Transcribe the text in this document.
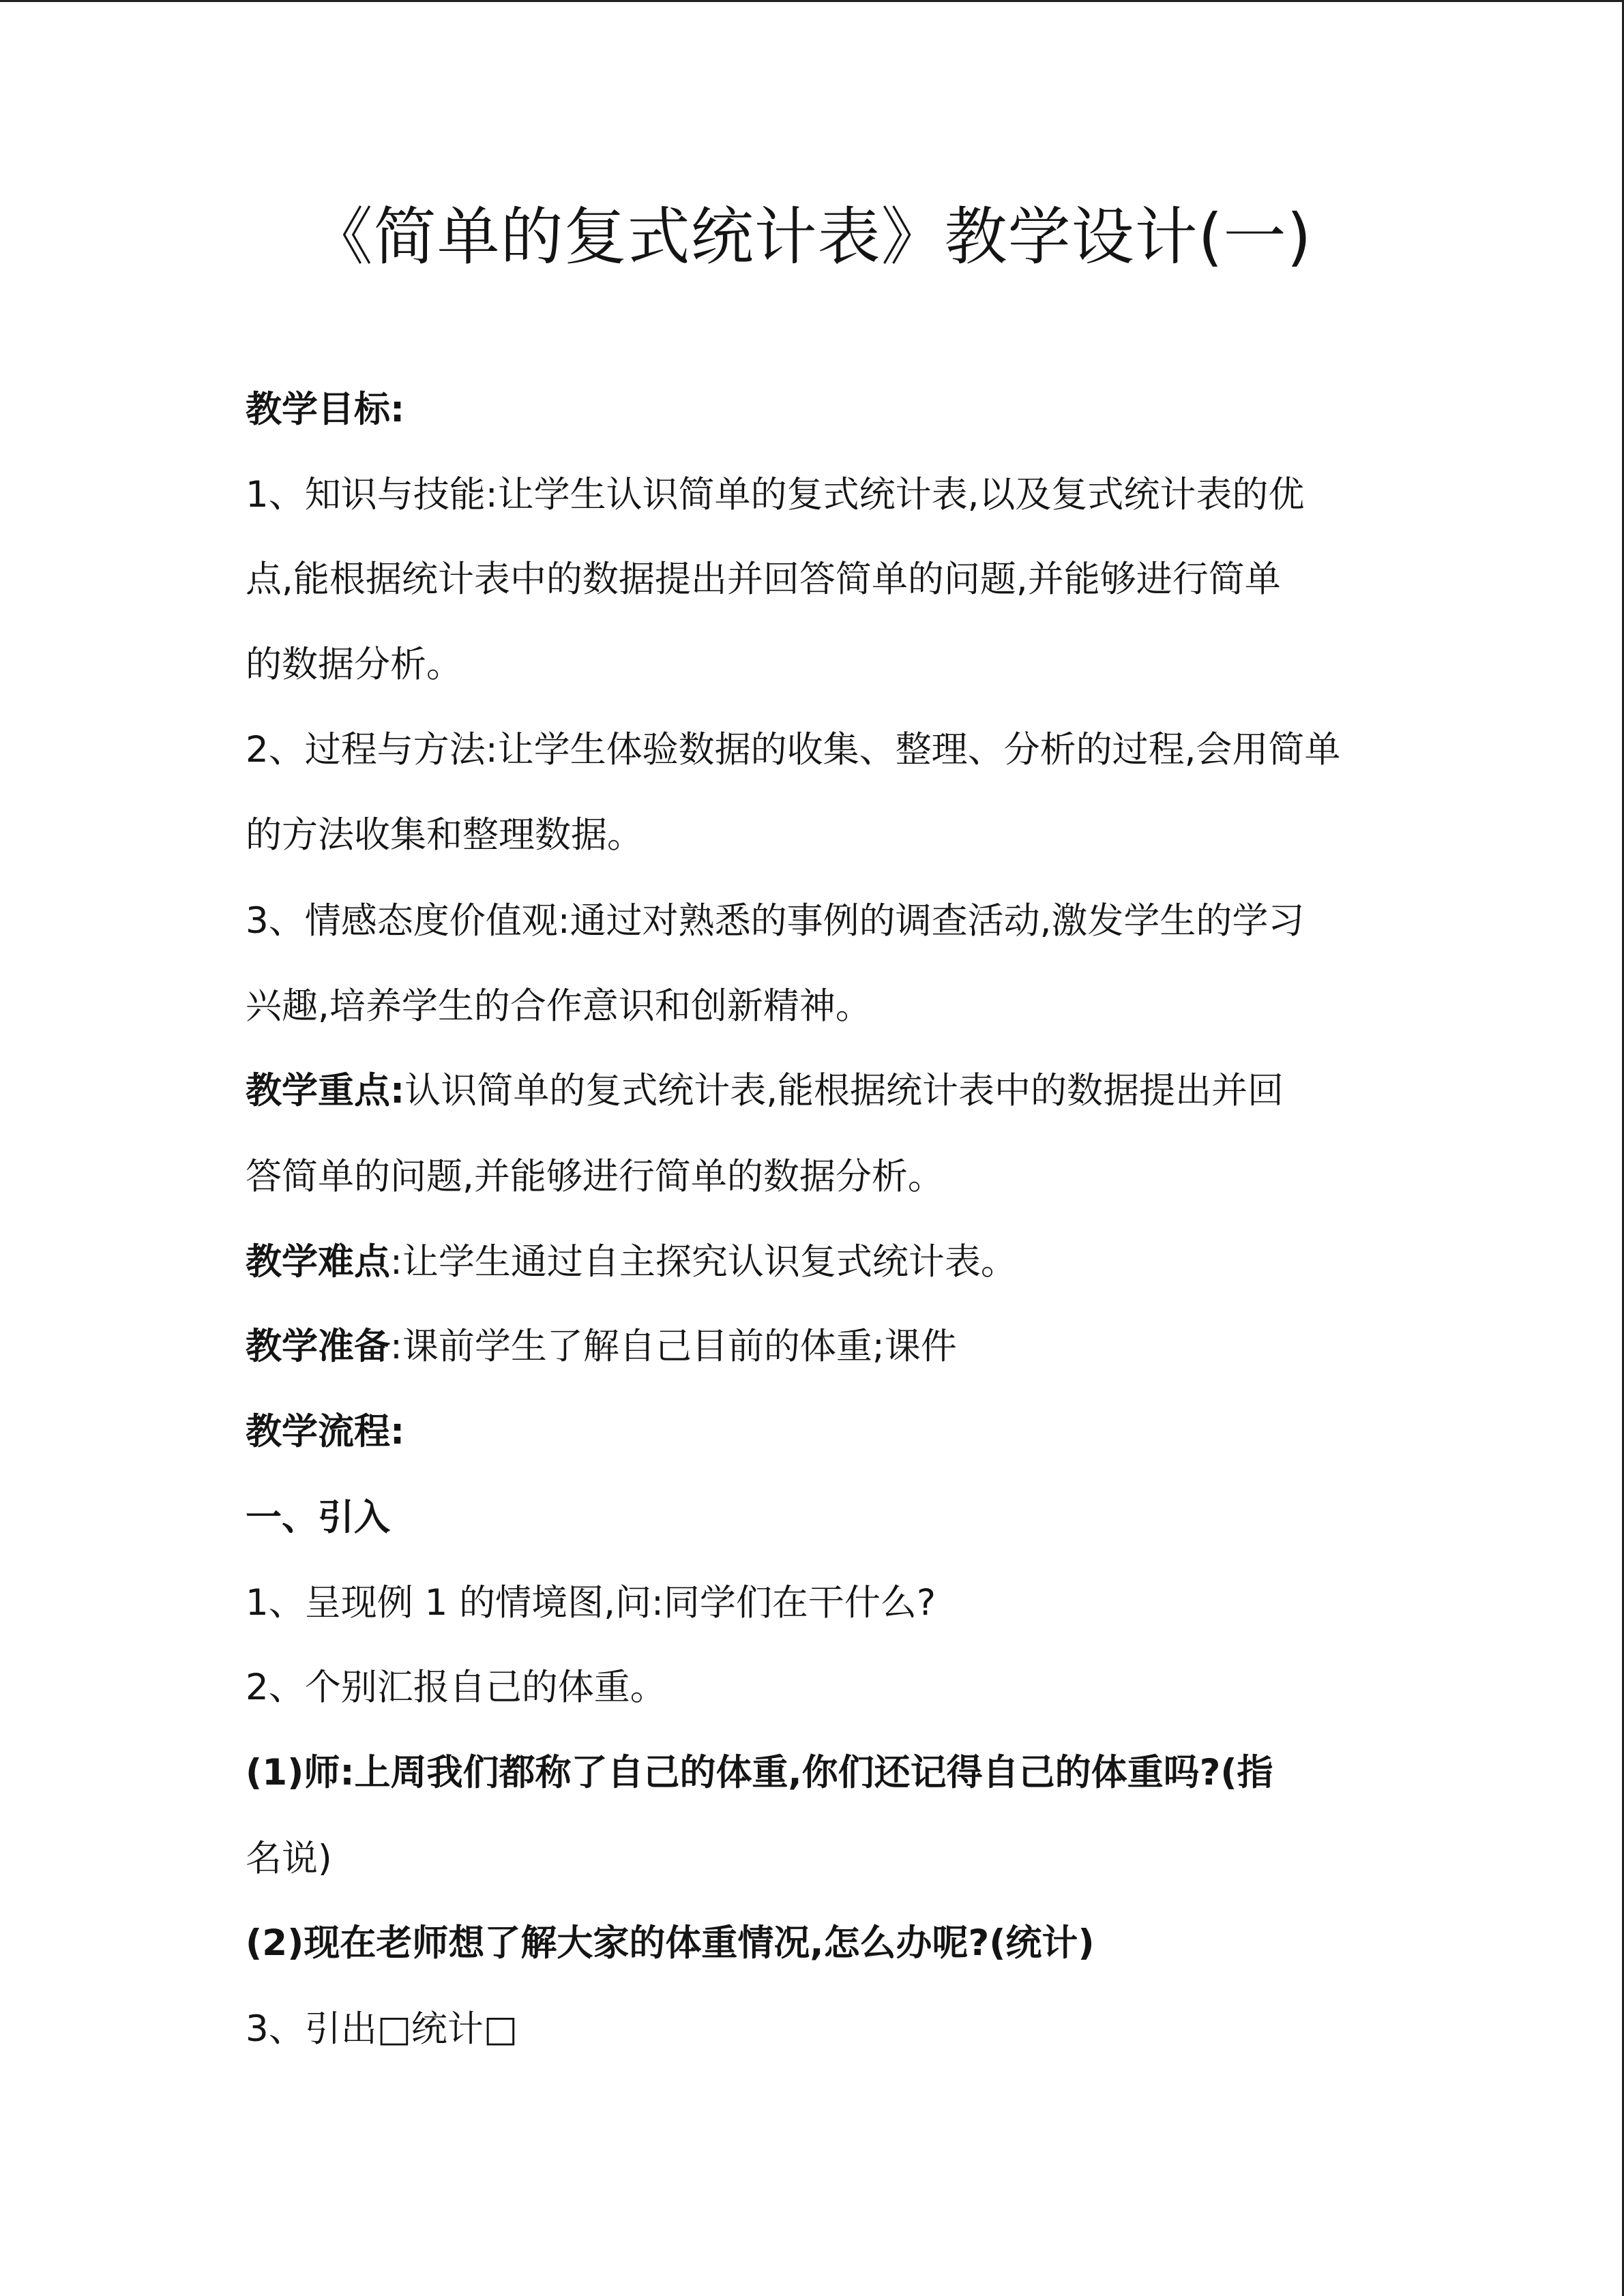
《简单的复式统计表》教学设计(一)
教学目标:
1、知识与技能:让学生认识简单的复式统计表,以及复式统计表的优
点,能根据统计表中的数据提出并回答简单的问题,并能够进行简单
的数据分析。
2、过程与方法:让学生体验数据的收集、整理、分析的过程,会用简单
的方法收集和整理数据。
3、情感态度价值观:通过对熟悉的事例的调查活动,激发学生的学习
兴趣,培养学生的合作意识和创新精神。
教学重点:认识简单的复式统计表,能根据统计表中的数据提出并回
答简单的问题,并能够进行简单的数据分析。
教学难点:让学生通过自主探究认识复式统计表。
教学准备:课前学生了解自己目前的体重;课件
教学流程:
一、引入
1、呈现例 1 的情境图,问:同学们在干什么?
2、个别汇报自己的体重。
(1)师:上周我们都称了自己的体重,你们还记得自己的体重吗?(指
名说)
(2)现在老师想了解大家的体重情况,怎么办呢?(统计)
3、引出□统计□
